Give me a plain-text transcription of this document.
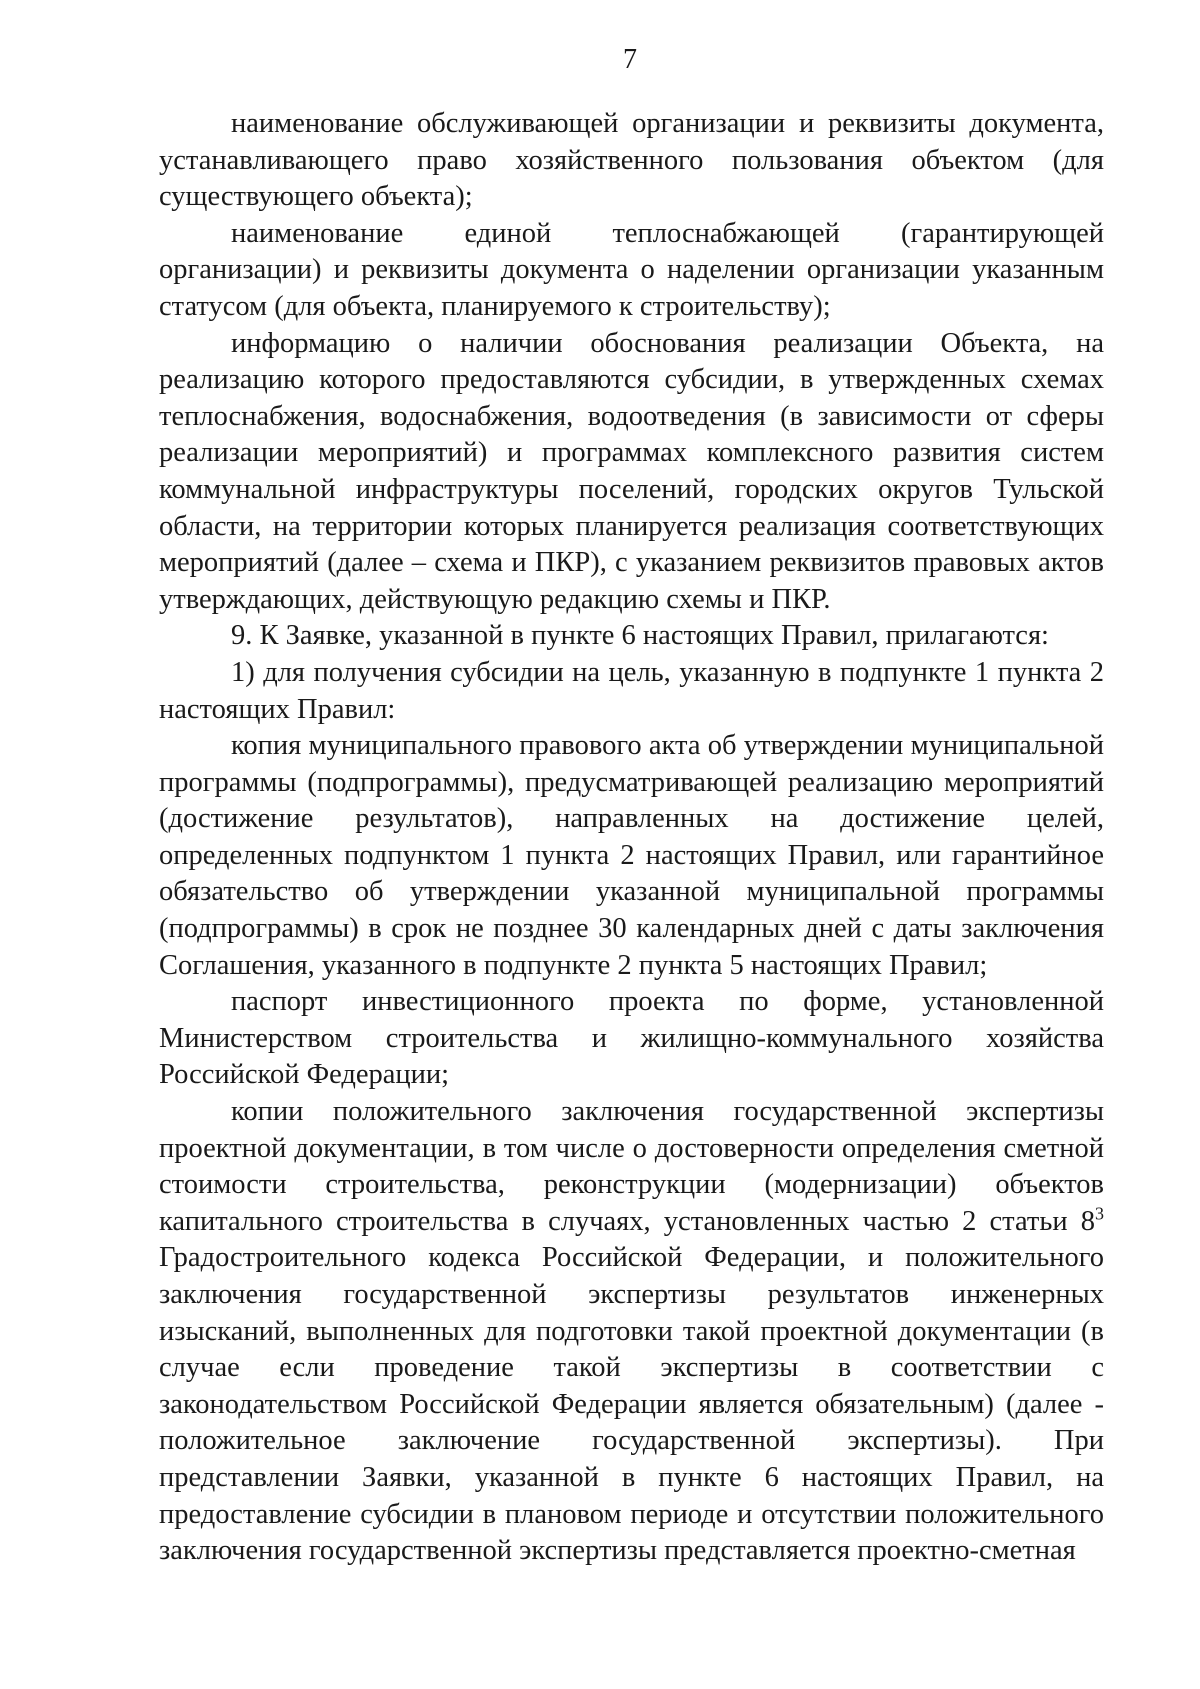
7

наименование обслуживающей организации и реквизиты документа, устанавливающего право хозяйственного пользования объектом (для существующего объекта);

наименование единой теплоснабжающей (гарантирующей организации) и реквизиты документа о наделении организации указанным статусом (для объекта, планируемого к строительству);

информацию о наличии обоснования реализации Объекта, на реализацию которого предоставляются субсидии, в утвержденных схемах теплоснабжения, водоснабжения, водоотведения (в зависимости от сферы реализации мероприятий) и программах комплексного развития систем коммунальной инфраструктуры поселений, городских округов Тульской области, на территории которых планируется реализация соответствующих мероприятий (далее – схема и ПКР), с указанием реквизитов правовых актов утверждающих, действующую редакцию схемы и ПКР.

9. К Заявке, указанной в пункте 6 настоящих Правил, прилагаются:

1) для получения субсидии на цель, указанную в подпункте 1 пункта 2 настоящих Правил:

копия муниципального правового акта об утверждении муниципальной программы (подпрограммы), предусматривающей реализацию мероприятий (достижение результатов), направленных на достижение целей, определенных подпунктом 1 пункта 2 настоящих Правил, или гарантийное обязательство об утверждении указанной муниципальной программы (подпрограммы) в срок не позднее 30 календарных дней с даты заключения Соглашения, указанного в подпункте 2 пункта 5 настоящих Правил;

паспорт инвестиционного проекта по форме, установленной Министерством строительства и жилищно-коммунального хозяйства Российской Федерации;

копии положительного заключения государственной экспертизы проектной документации, в том числе о достоверности определения сметной стоимости строительства, реконструкции (модернизации) объектов капитального строительства в случаях, установленных частью 2 статьи $8^3$ Градостроительного кодекса Российской Федерации, и положительного заключения государственной экспертизы результатов инженерных изысканий, выполненных для подготовки такой проектной документации (в случае если проведение такой экспертизы в соответствии с законодательством Российской Федерации является обязательным) (далее - положительное заключение государственной экспертизы). При представлении Заявки, указанной в пункте 6 настоящих Правил, на предоставление субсидии в плановом периоде и отсутствии положительного заключения государственной экспертизы представляется проектно-сметная
